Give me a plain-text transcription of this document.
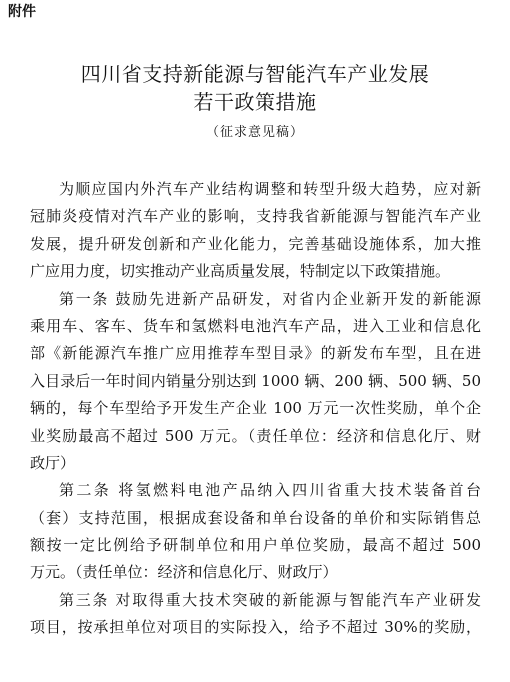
附件
四川省支持新能源与智能汽车产业发展
若干政策措施
（征求意见稿）
为顺应国内外汽车产业结构调整和转型升级大趋势，应对新
冠肺炎疫情对汽车产业的影响，支持我省新能源与智能汽车产业
发展，提升研发创新和产业化能力，完善基础设施体系，加大推
广应用力度，切实推动产业高质量发展，特制定以下政策措施。
第一条 鼓励先进新产品研发，对省内企业新开发的新能源
乘用车、客车、货车和氢燃料电池汽车产品，进入工业和信息化
部《新能源汽车推广应用推荐车型目录》的新发布车型，且在进
入目录后一年时间内销量分别达到 1000 辆、200 辆、500 辆、50
辆的，每个车型给予开发生产企业 100 万元一次性奖励，单个企
业奖励最高不超过 500 万元。（责任单位：经济和信息化厅、财
政厅）
第二条 将氢燃料电池产品纳入四川省重大技术装备首台
（套）支持范围，根据成套设备和单台设备的单价和实际销售总
额按一定比例给予研制单位和用户单位奖励，最高不超过 500
万元。（责任单位：经济和信息化厅、财政厅）
第三条 对取得重大技术突破的新能源与智能汽车产业研发
项目，按承担单位对项目的实际投入，给予不超过 30%的奖励，
